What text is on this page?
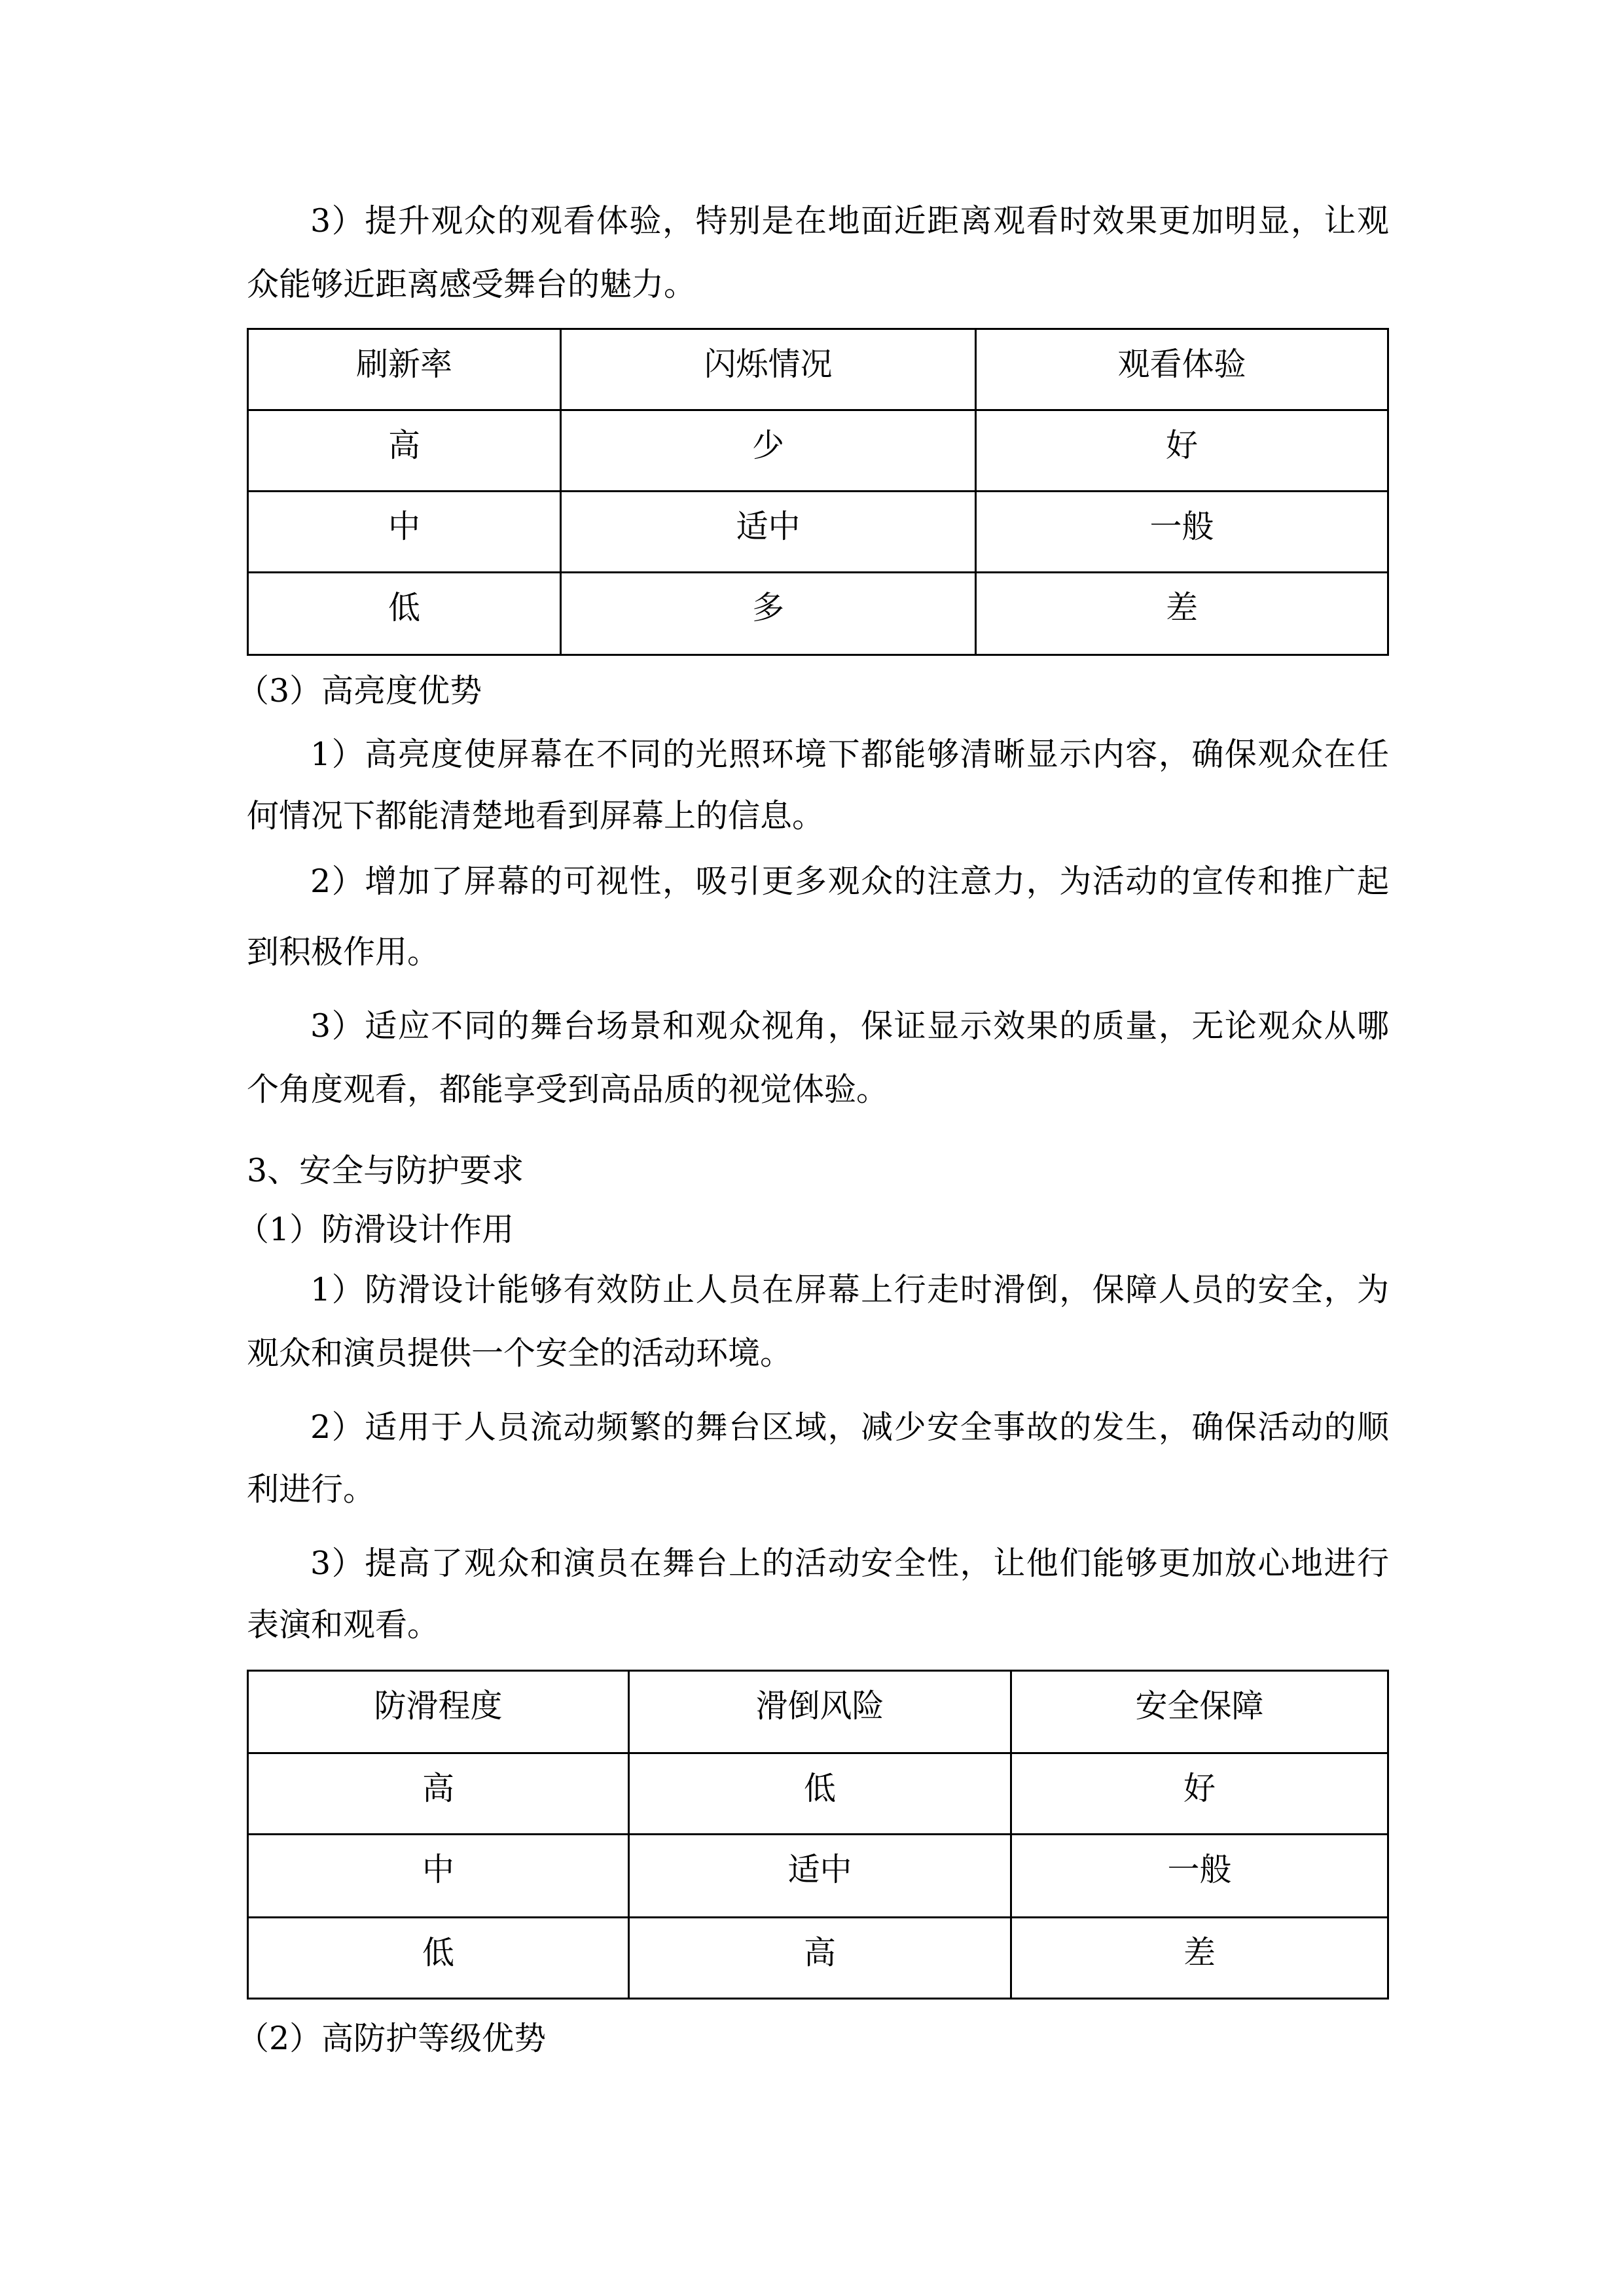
3）提升观众的观看体验，特别是在地面近距离观看时效果更加明显，让观
众能够近距离感受舞台的魅力。
刷新率	闪烁情况	观看体验
高	少	好
中	适中	一般
低	多	差
（3）高亮度优势
1）高亮度使屏幕在不同的光照环境下都能够清晰显示内容，确保观众在任
何情况下都能清楚地看到屏幕上的信息。
2）增加了屏幕的可视性，吸引更多观众的注意力，为活动的宣传和推广起
到积极作用。
3）适应不同的舞台场景和观众视角，保证显示效果的质量，无论观众从哪
个角度观看，都能享受到高品质的视觉体验。
3、安全与防护要求
（1）防滑设计作用
1）防滑设计能够有效防止人员在屏幕上行走时滑倒，保障人员的安全，为
观众和演员提供一个安全的活动环境。
2）适用于人员流动频繁的舞台区域，减少安全事故的发生，确保活动的顺
利进行。
3）提高了观众和演员在舞台上的活动安全性，让他们能够更加放心地进行
表演和观看。
防滑程度	滑倒风险	安全保障
高	低	好
中	适中	一般
低	高	差
（2）高防护等级优势
